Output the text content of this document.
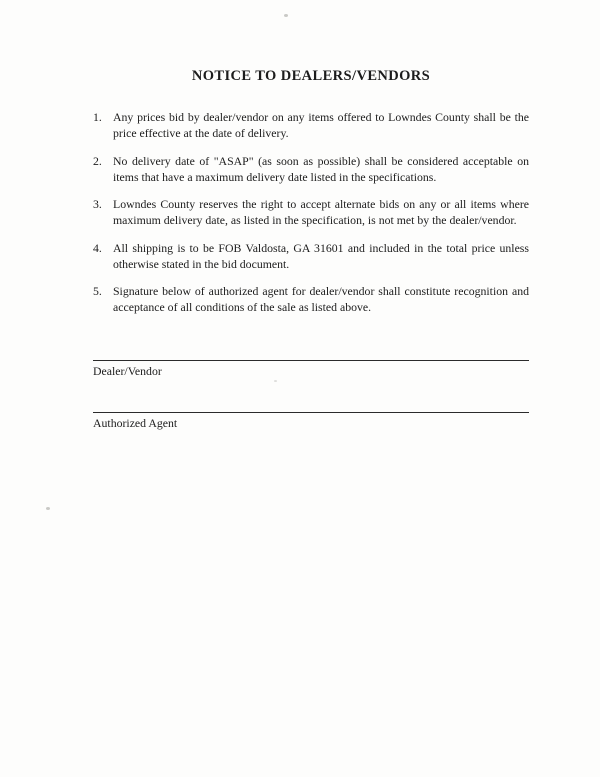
NOTICE TO DEALERS/VENDORS
1. Any prices bid by dealer/vendor on any items offered to Lowndes County shall be the price effective at the date of delivery.
2. No delivery date of "ASAP" (as soon as possible) shall be considered acceptable on items that have a maximum delivery date listed in the specifications.
3. Lowndes County reserves the right to accept alternate bids on any or all items where maximum delivery date, as listed in the specification, is not met by the dealer/vendor.
4. All shipping is to be FOB Valdosta, GA 31601 and included in the total price unless otherwise stated in the bid document.
5. Signature below of authorized agent for dealer/vendor shall constitute recognition and acceptance of all conditions of the sale as listed above.
Dealer/Vendor
Authorized Agent
